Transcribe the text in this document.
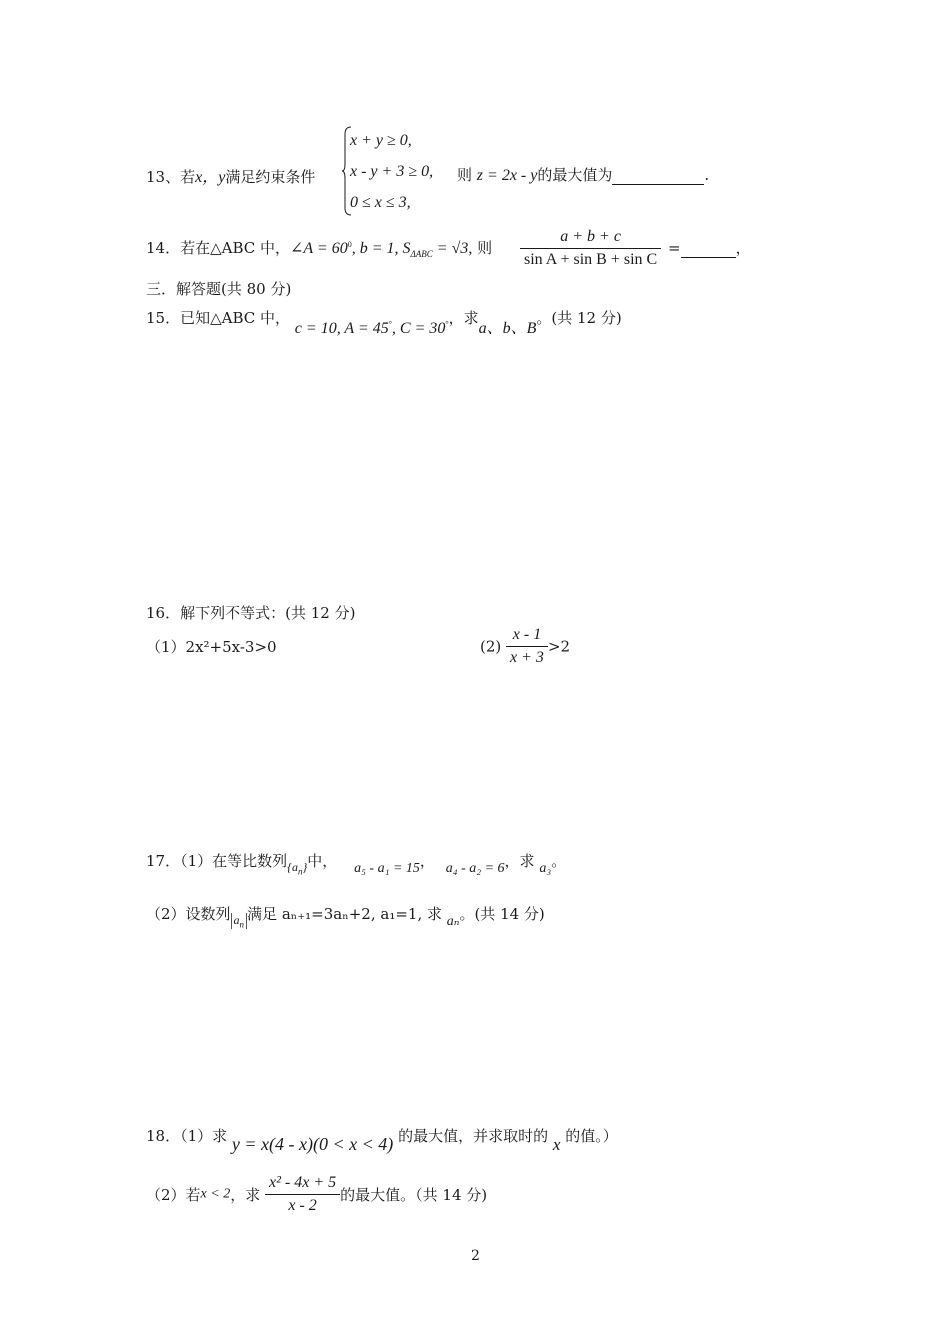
13、若x，y满足约束条件
x + y ≥ 0,
x - y + 3 ≥ 0,
0 ≤ x ≤ 3,
则 z = 2x - y的最大值为	.
14．若在△ABC 中，∠A = $60^0$, b = 1, $S_{\Delta ABC} = √3$, 则 $\frac{a + b + c}{\text{sin A + sin B + sin C}}$ =	，
三．解答题(共 80 分)
15．已知△ABC 中， c = 10, A = 45°, C = 30°，求a、b、B。(共 12 分)
16．解下列不等式：(共 12 分)
（1）2x²+5x-3>0	$(2) \frac{x - 1}{x + 3} >2$
17．（1）在等比数列$_{\{a_n\}}$中， a₅ - a₁ = 15， a₄ - a₂ = 6，求 a₃。
（2）设数列 $a_n$满足 aₙ₊₁=3aₙ+2, a₁=1, 求 aₙ。(共 14 分)
18．（1）求 y = x(4 - x)(0 < x < 4) 的最大值，并求取时的 x 的值。）
（2）若x < 2，求 $\frac{\text{x² - 4x + 5}}{x - 2}$ 的最大值。（共 14 分)
2
